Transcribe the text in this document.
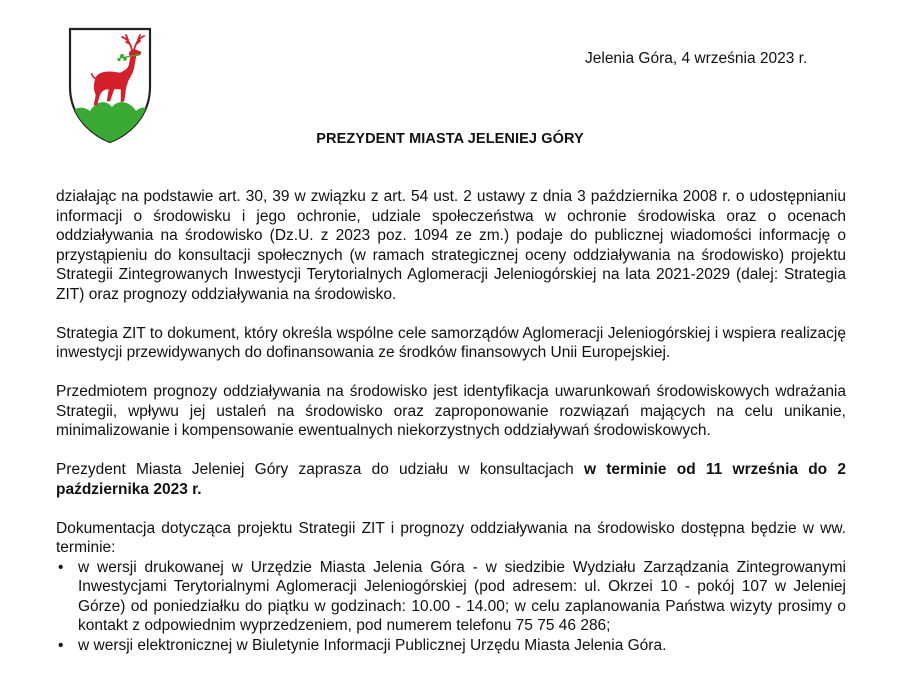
Jelenia Góra, 4 września 2023 r.
PREZYDENT MIASTA JELENIEJ GÓRY

działając na podstawie art. 30, 39 w związku z art. 54 ust. 2 ustawy z dnia 3 października 2008 r. o udostępnianiu informacji o środowisku i jego ochronie, udziale społeczeństwa w ochronie środowiska oraz o ocenach oddziaływania na środowisko (Dz.U. z 2023 poz. 1094 ze zm.) podaje do publicznej wiadomości informację o przystąpieniu do konsultacji społecznych (w ramach strategicznej oceny oddziaływania na środowisko) projektu Strategii Zintegrowanych Inwestycji Terytorialnych Aglomeracji Jeleniogórskiej na lata 2021-2029 (dalej: Strategia ZIT) oraz prognozy oddziaływania na środowisko.

Strategia ZIT to dokument, który określa wspólne cele samorządów Aglomeracji Jeleniogórskiej i wspiera realizację inwestycji przewidywanych do dofinansowania ze środków finansowych Unii Europejskiej.

Przedmiotem prognozy oddziaływania na środowisko jest identyfikacja uwarunkowań środowiskowych wdrażania Strategii, wpływu jej ustaleń na środowisko oraz zaproponowanie rozwiązań mających na celu unikanie, minimalizowanie i kompensowanie ewentualnych niekorzystnych oddziaływań środowiskowych.

Prezydent Miasta Jeleniej Góry zaprasza do udziału w konsultacjach w terminie od 11 września do 2 października 2023 r.

Dokumentacja dotycząca projektu Strategii ZIT i prognozy oddziaływania na środowisko dostępna będzie w ww. terminie:

• w wersji drukowanej w Urzędzie Miasta Jelenia Góra - w siedzibie Wydziału Zarządzania Zintegrowanymi Inwestycjami Terytorialnymi Aglomeracji Jeleniogórskiej (pod adresem: ul. Okrzei 10 - pokój 107 w Jeleniej Górze) od poniedziałku do piątku w godzinach: 10.00 - 14.00; w celu zaplanowania Państwa wizyty prosimy o kontakt z odpowiednim wyprzedzeniem, pod numerem telefonu 75 75 46 286;
• w wersji elektronicznej w Biuletynie Informacji Publicznej Urzędu Miasta Jelenia Góra.
